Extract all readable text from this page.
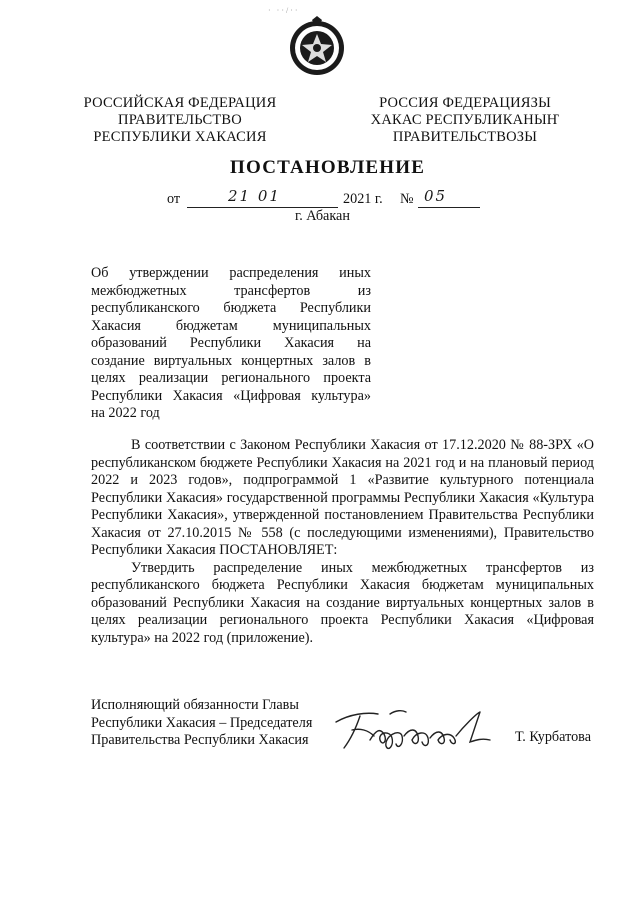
· ··/··
РОССИЙСКАЯ ФЕДЕРАЦИЯ
ПРАВИТЕЛЬСТВО
РЕСПУБЛИКИ ХАКАСИЯ
РОССИЯ ФЕДЕРАЦИЯЗЫ
ХАКАС РЕСПУБЛИКАНЫҤ
ПРАВИТЕЛЬСТВОЗЫ
ПОСТАНОВЛЕНИЕ
от	21 01	2021 г. № 05
г. Абакан
Об утверждении распределения иных
межбюджетных трансфертов из
республиканского бюджета Республики
Хакасия бюджетам муниципальных
образований Республики Хакасия на
создание виртуальных концертных залов в
целях реализации регионального проекта
Республики Хакасия «Цифровая культура»
на 2022 год

В соответствии с Законом Республики Хакасия от 17.12.2020 № 88-ЗРХ «О республиканском бюджете Республики Хакасия на 2021 год и на плановый период 2022 и 2023 годов», подпрограммой 1 «Развитие культурного потенциала Республики Хакасия» государственной программы Республики Хакасия «Культура Республики Хакасия», утвержденной постановлением Правительства Республики Хакасия от 27.10.2015 № 558 (с последующими изменениями), Правительство Республики Хакасия ПОСТАНОВЛЯЕТ:

Утвердить распределение иных межбюджетных трансфертов из республиканского бюджета Республики Хакасия бюджетам муниципальных образований Республики Хакасия на создание виртуальных концертных залов в целях реализации регионального проекта Республики Хакасия «Цифровая культура» на 2022 год (приложение).

Исполняющий обязанности Главы
Республики Хакасия – Председателя
Правительства Республики Хакасия	Т. Курбатова
